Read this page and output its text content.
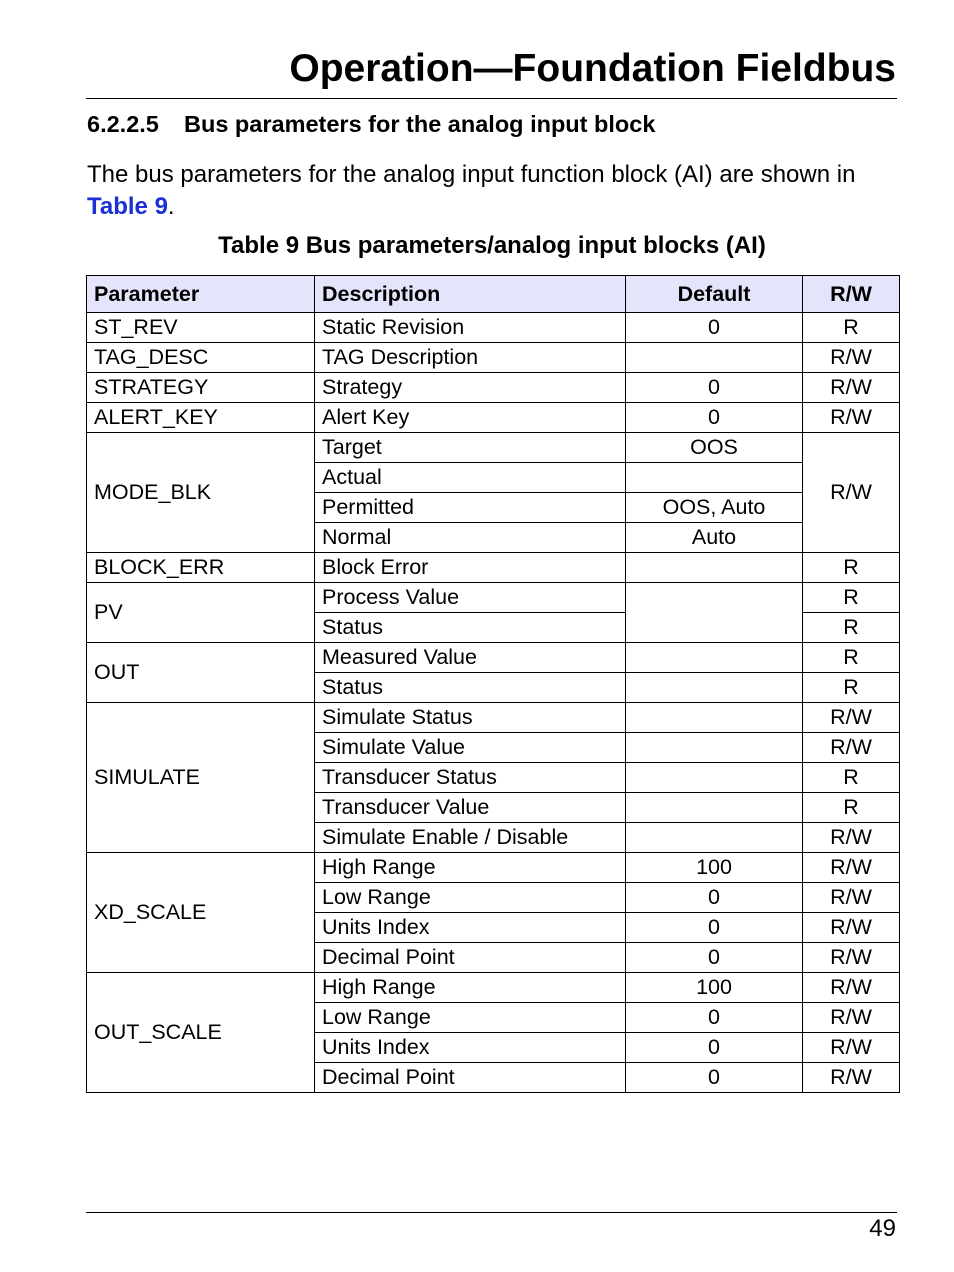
Operation—Foundation Fieldbus
6.2.2.5 Bus parameters for the analog input block
The bus parameters for the analog input function block (AI) are shown in Table 9.
Table 9 Bus parameters/analog input blocks (AI)
Parameter	Description	Default	R/W
ST_REV	Static Revision	0	R
TAG_DESC	TAG Description		R/W
STRATEGY	Strategy	0	R/W
ALERT_KEY	Alert Key	0	R/W
MODE_BLK	Target	OOS	R/W
	Actual		
	Permitted	OOS, Auto	
	Normal	Auto	
BLOCK_ERR	Block Error		R
PV	Process Value		R
	Status		R
OUT	Measured Value		R
	Status		R
SIMULATE	Simulate Status		R/W
	Simulate Value		R/W
	Transducer Status		R
	Transducer Value		R
	Simulate Enable / Disable		R/W
XD_SCALE	High Range	100	R/W
	Low Range	0	R/W
	Units Index	0	R/W
	Decimal Point	0	R/W
OUT_SCALE	High Range	100	R/W
	Low Range	0	R/W
	Units Index	0	R/W
	Decimal Point	0	R/W
49
